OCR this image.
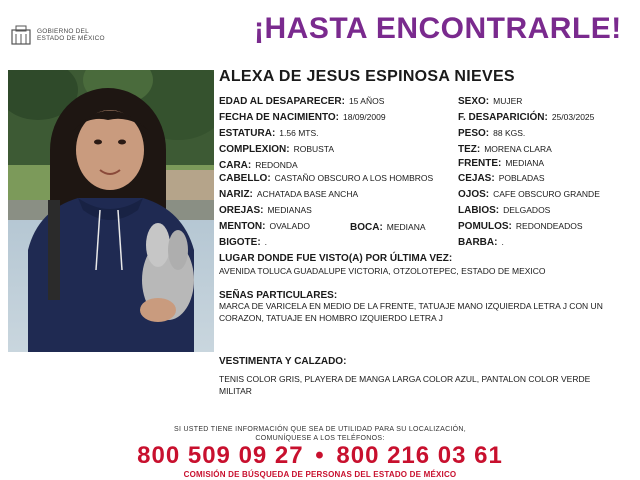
GOBIERNO DEL
ESTADO DE MÉXICO	¡HASTA ENCONTRARLE!
ALEXA DE JESUS ESPINOSA NIEVES
EDAD AL DESAPARECER: 15 AÑOS
FECHA DE NACIMIENTO: 18/09/2009
ESTATURA: 1.56 MTS.
COMPLEXION: ROBUSTA
CARA: REDONDA
CABELLO: CASTAÑO OBSCURO A LOS HOMBROS
NARIZ: ACHATADA BASE ANCHA
OREJAS: MEDIANAS
MENTON: OVALADO
BIGOTE: .
BOCA: MEDIANA
SEXO: MUJER
F. DESAPARICIÓN: 25/03/2025
PESO: 88 KGS.
TEZ: MORENA CLARA
FRENTE: MEDIANA
CEJAS: POBLADAS
OJOS: CAFE OBSCURO GRANDE
LABIOS: DELGADOS
POMULOS: REDONDEADOS
BARBA: .
LUGAR DONDE FUE VISTO(A) POR ÚLTIMA VEZ:
AVENIDA TOLUCA GUADALUPE VICTORIA, OTZOLOTEPEC, ESTADO DE MEXICO
SEÑAS PARTICULARES:
MARCA DE VARICELA EN MEDIO DE LA FRENTE, TATUAJE MANO IZQUIERDA LETRA J CON UN CORAZON, TATUAJE EN HOMBRO IZQUIERDO LETRA J
VESTIMENTA Y CALZADO:
TENIS COLOR GRIS, PLAYERA DE MANGA LARGA COLOR AZUL, PANTALON COLOR VERDE MILITAR
SI USTED TIENE INFORMACIÓN QUE SEA DE UTILIDAD PARA SU LOCALIZACIÓN,
COMUNÍQUESE A LOS TELÉFONOS:
800 509 09 27 • 800 216 03 61
COMISIÓN DE BÚSQUEDA DE PERSONAS DEL ESTADO DE MÉXICO
